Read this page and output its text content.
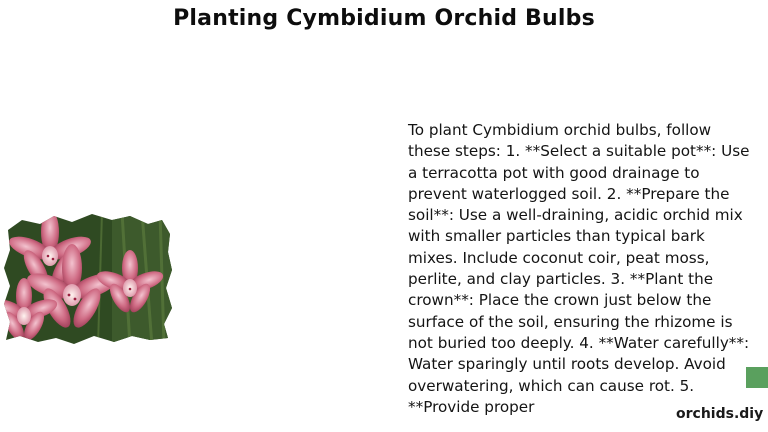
Planting Cymbidium Orchid Bulbs
To plant Cymbidium orchid bulbs, follow these steps: 1. **Select a suitable pot**: Use a terracotta pot with good drainage to prevent waterlogged soil. 2. **Prepare the soil**: Use a well-draining, acidic orchid mix with smaller particles than typical bark mixes. Include coconut coir, peat moss, perlite, and clay particles. 3. **Plant the crown**: Place the crown just below the surface of the soil, ensuring the rhizome is not buried too deeply. 4. **Water carefully**: Water sparingly until roots develop. Avoid overwatering, which can cause rot. 5. **Provide proper	orchids.diy
